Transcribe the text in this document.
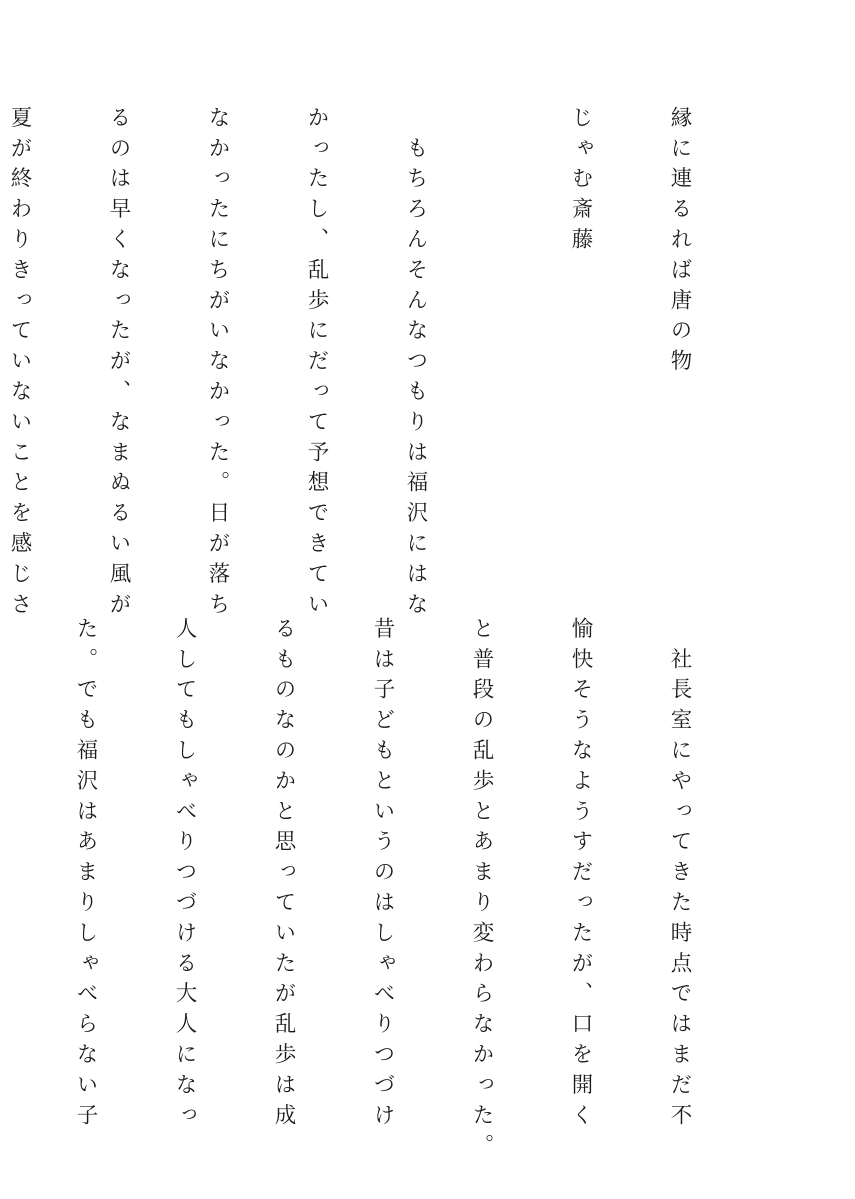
縁に連るれば唐の物

じゃむ斎藤

　もちろんそんなつもりは福沢にはな

かったし、乱歩にだって予想できてい

なかったにちがいなかった。日が落ち

るのは早くなったが、なまぬるい風が

夏が終わりきっていないことを感じさ

　社長室にやってきた時点ではまだ不

愉快そうなようすだったが、口を開く

と普段の乱歩とあまり変わらなかった。

昔は子どもというのはしゃべりつづけ

るものなのかと思っていたが乱歩は成

人してもしゃべりつづける大人になっ

た。でも福沢はあまりしゃべらない子
